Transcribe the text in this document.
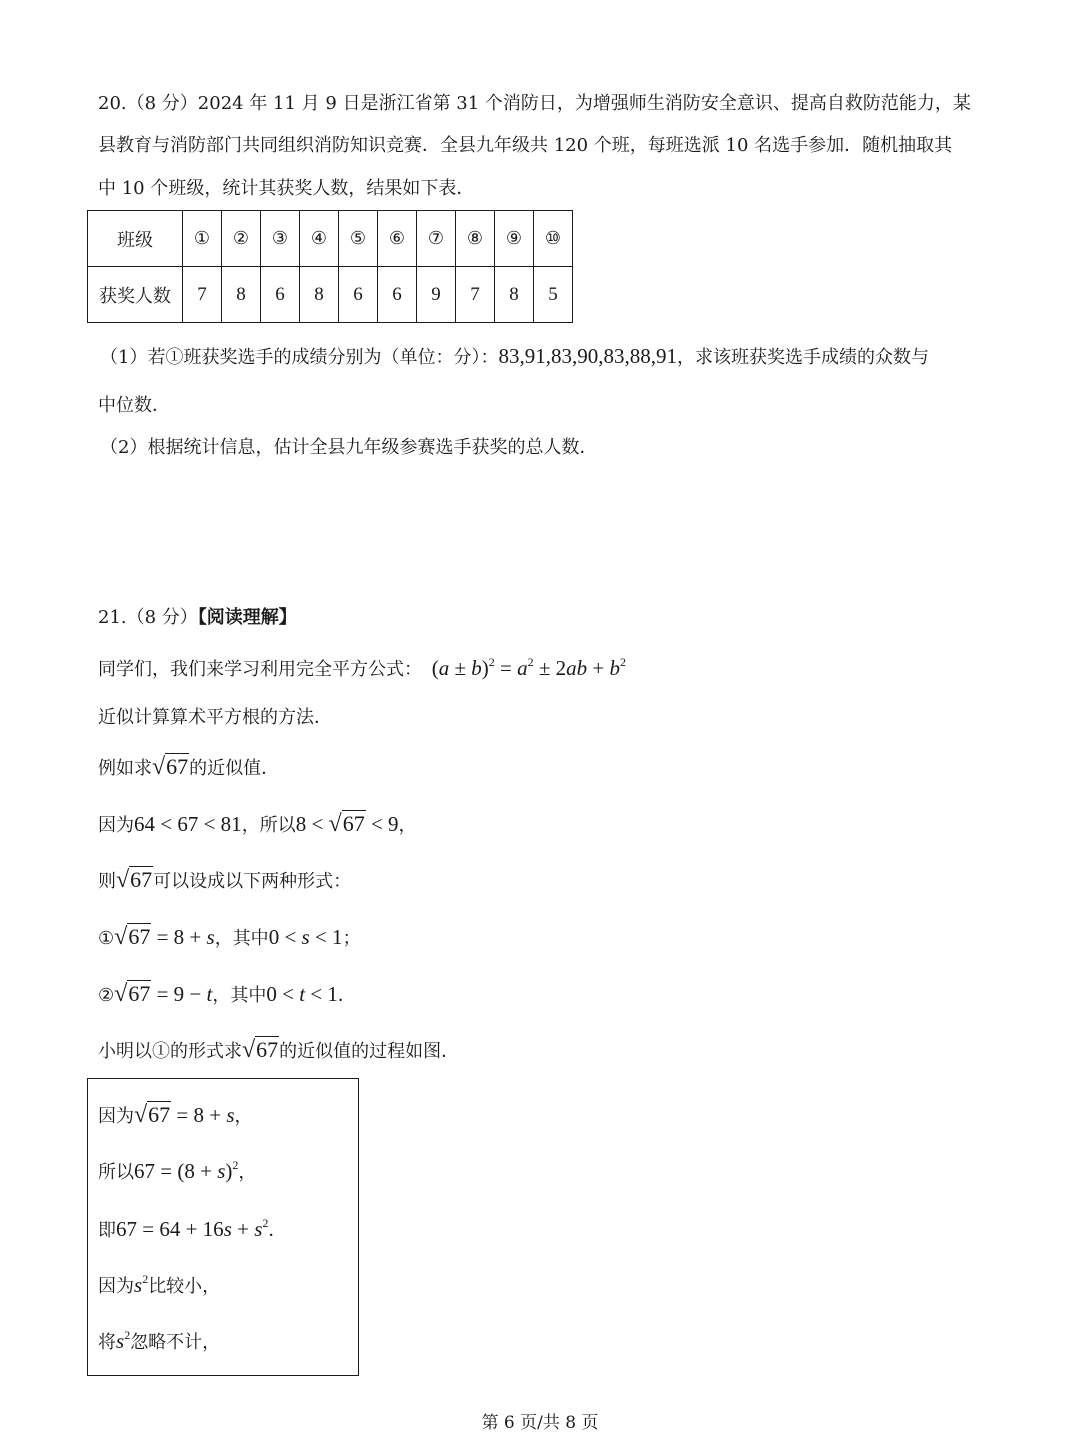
20.（8 分）2024 年 11 月 9 日是浙江省第 31 个消防日，为增强师生消防安全意识、提高自救防范能力，某
县教育与消防部门共同组织消防知识竞赛．全县九年级共 120 个班，每班选派 10 名选手参加．随机抽取其
中 10 个班级，统计其获奖人数，结果如下表．
班级	①	②	③	④	⑤	⑥	⑦	⑧	⑨	⑩
获奖人数	7	8	6	8	6	6	9	7	8	5
（1）若①班获奖选手的成绩分别为（单位：分）：83,91,83,90,83,88,91，求该班获奖选手成绩的众数与
中位数．
（2）根据统计信息，估计全县九年级参赛选手获奖的总人数．
21.（8 分）【阅读理解】
同学们，我们来学习利用完全平方公式： $(a \pm b)^2 = a^2 \pm 2ab + b^2$
近似计算算术平方根的方法．
例如求√67的近似值．
因为64 < 67 < 81，所以8 < √67 < 9，
则√67可以设成以下两种形式：
①√67 = 8 + s，其中0 < s < 1；
②√67 = 9 − t，其中0 < t < 1．
小明以①的形式求√67的近似值的过程如图．
因为√67 = 8 + s，
所以$67 = (8 + s)^2$，
即$67 = 64 + 16s + s^2$．
因为$s^2$比较小，
将$s^2$忽略不计，
第 6 页/共 8 页
